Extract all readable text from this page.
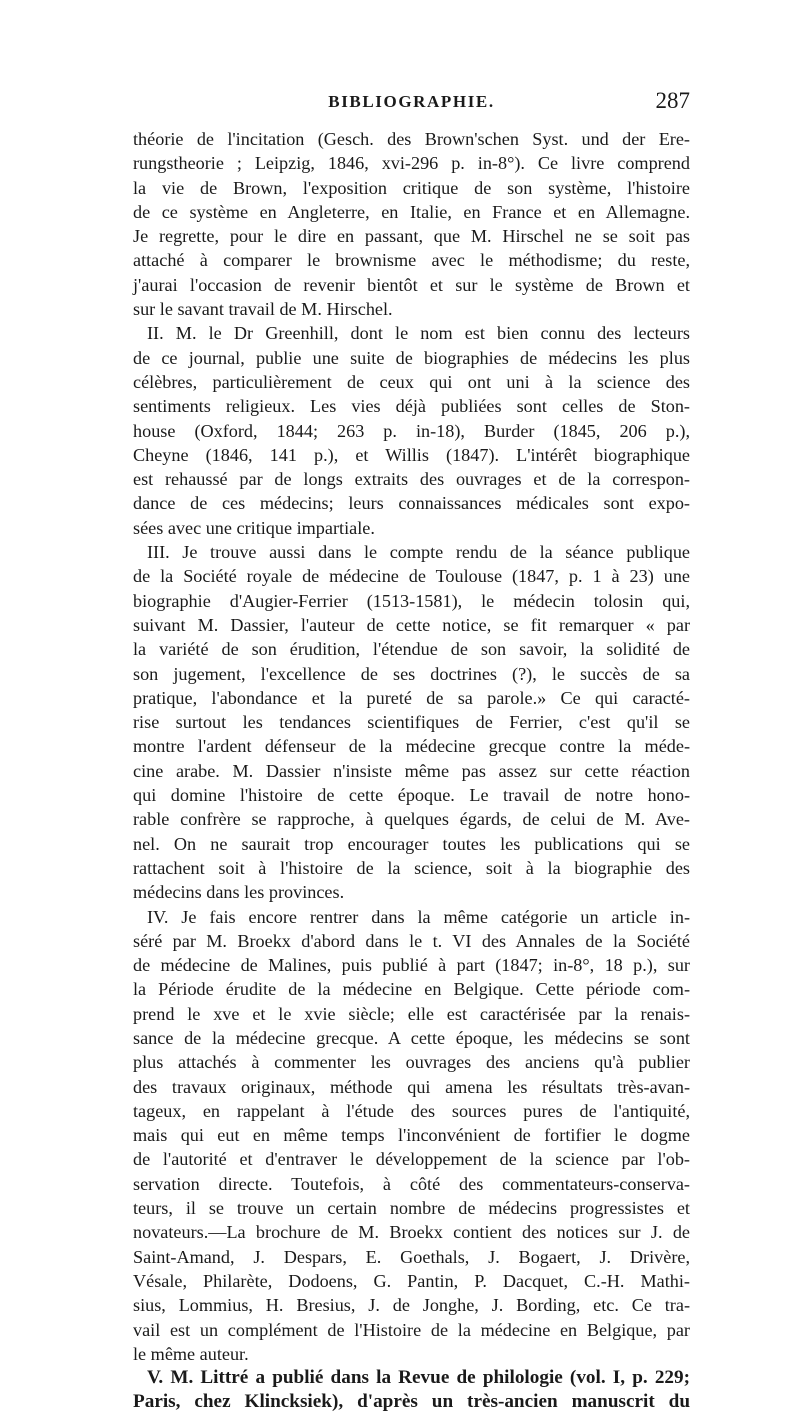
BIBLIOGRAPHIE.	287
théorie de l'incitation (Gesch. des Brown'schen Syst. und der Ere-
rungstheorie ; Leipzig, 1846, xvi-296 p. in-8°). Ce livre comprend
la vie de Brown, l'exposition critique de son système, l'histoire
de ce système en Angleterre, en Italie, en France et en Allemagne.
Je regrette, pour le dire en passant, que M. Hirschel ne se soit pas
attaché à comparer le brownisme avec le méthodisme; du reste,
j'aurai l'occasion de revenir bientôt et sur le système de Brown et
sur le savant travail de M. Hirschel.
II. M. le Dr Greenhill, dont le nom est bien connu des lecteurs
de ce journal, publie une suite de biographies de médecins les plus
célèbres, particulièrement de ceux qui ont uni à la science des
sentiments religieux. Les vies déjà publiées sont celles de Ston-
house (Oxford, 1844; 263 p. in-18), Burder (1845, 206 p.),
Cheyne (1846, 141 p.), et Willis (1847). L'intérêt biographique
est rehaussé par de longs extraits des ouvrages et de la correspon-
dance de ces médecins; leurs connaissances médicales sont expo-
sées avec une critique impartiale.
III. Je trouve aussi dans le compte rendu de la séance publique
de la Société royale de médecine de Toulouse (1847, p. 1 à 23) une
biographie d'Augier-Ferrier (1513-1581), le médecin tolosin qui,
suivant M. Dassier, l'auteur de cette notice, se fit remarquer « par
la variété de son érudition, l'étendue de son savoir, la solidité de
son jugement, l'excellence de ses doctrines (?), le succès de sa
pratique, l'abondance et la pureté de sa parole.» Ce qui caracté-
rise surtout les tendances scientifiques de Ferrier, c'est qu'il se
montre l'ardent défenseur de la médecine grecque contre la méde-
cine arabe. M. Dassier n'insiste même pas assez sur cette réaction
qui domine l'histoire de cette époque. Le travail de notre hono-
rable confrère se rapproche, à quelques égards, de celui de M. Ave-
nel. On ne saurait trop encourager toutes les publications qui se
rattachent soit à l'histoire de la science, soit à la biographie des
médecins dans les provinces.
IV. Je fais encore rentrer dans la même catégorie un article in-
séré par M. Broekx d'abord dans le t. VI des Annales de la Société
de médecine de Malines, puis publié à part (1847; in-8°, 18 p.), sur
la Période érudite de la médecine en Belgique. Cette période com-
prend le xve et le xvie siècle; elle est caractérisée par la renais-
sance de la médecine grecque. A cette époque, les médecins se sont
plus attachés à commenter les ouvrages des anciens qu'à publier
des travaux originaux, méthode qui amena les résultats très-avan-
tageux, en rappelant à l'étude des sources pures de l'antiquité,
mais qui eut en même temps l'inconvénient de fortifier le dogme
de l'autorité et d'entraver le développement de la science par l'ob-
servation directe. Toutefois, à côté des commentateurs-conserva-
teurs, il se trouve un certain nombre de médecins progressistes et
novateurs.—La brochure de M. Broekx contient des notices sur J. de
Saint-Amand, J. Despars, E. Goethals, J. Bogaert, J. Drivère,
Vésale, Philarète, Dodoens, G. Pantin, P. Dacquet, C.-H. Mathi-
sius, Lommius, H. Bresius, J. de Jonghe, J. Bording, etc. Ce tra-
vail est un complément de l'Histoire de la médecine en Belgique, par
le même auteur.
V. M. Littré a publié dans la Revue de philologie (vol. I, p. 229;
Paris, chez Klincksiek), d'après un très-ancien manuscrit du
